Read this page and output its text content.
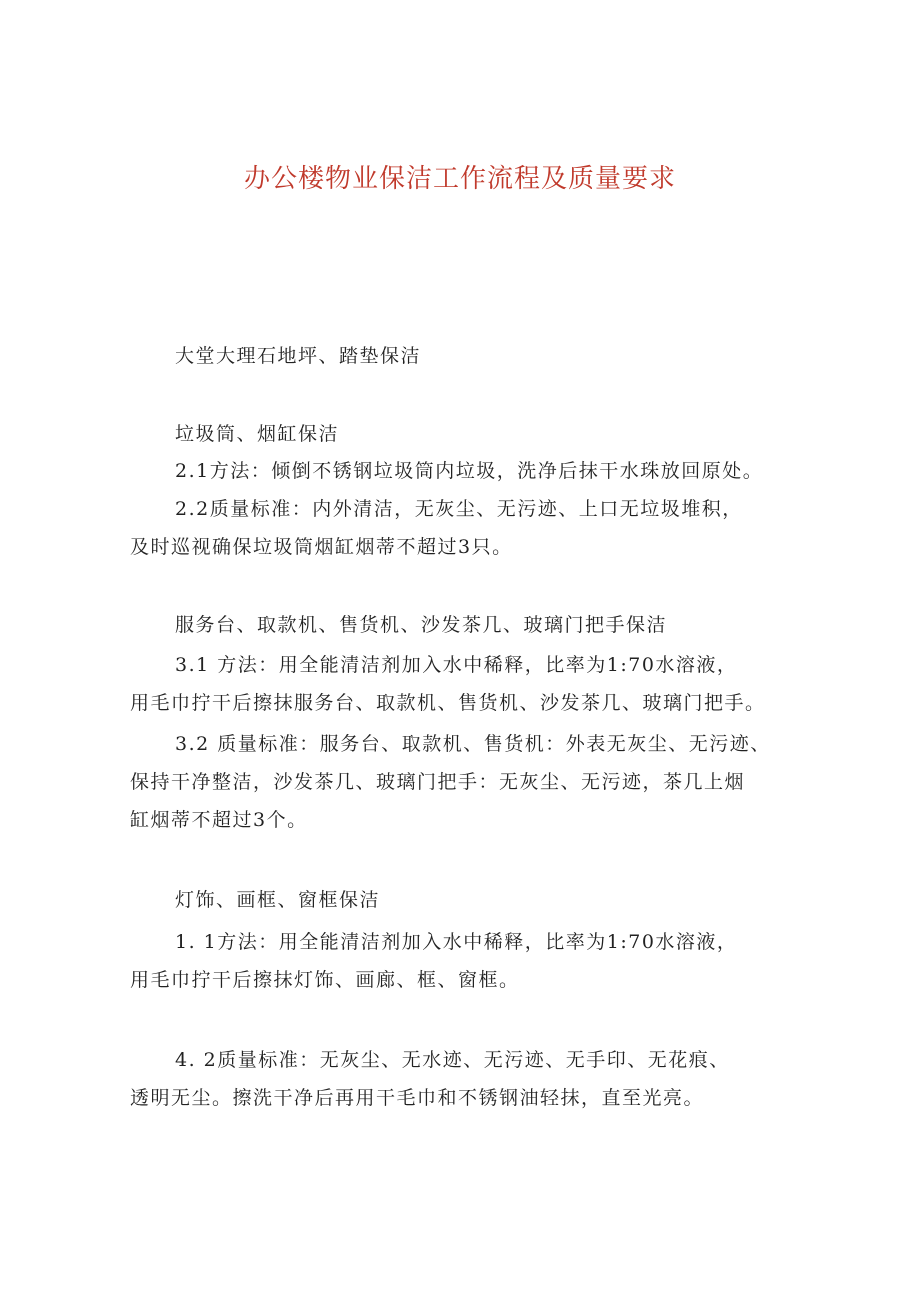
办公楼物业保洁工作流程及质量要求
大堂大理石地坪、踏垫保洁
垃圾筒、烟缸保洁
2.1方法：倾倒不锈钢垃圾筒内垃圾，洗净后抹干水珠放回原处。
2.2质量标准：内外清洁，无灰尘、无污迹、上口无垃圾堆积，
及时巡视确保垃圾筒烟缸烟蒂不超过3只。
服务台、取款机、售货机、沙发茶几、玻璃门把手保洁
3.1 方法：用全能清洁剂加入水中稀释，比率为1:70水溶液，
用毛巾拧干后擦抹服务台、取款机、售货机、沙发茶几、玻璃门把手。
3.2 质量标准：服务台、取款机、售货机：外表无灰尘、无污迹、
保持干净整洁，沙发茶几、玻璃门把手：无灰尘、无污迹，茶几上烟
缸烟蒂不超过3个。
灯饰、画框、窗框保洁
1. 1方法：用全能清洁剂加入水中稀释，比率为1:70水溶液，
用毛巾拧干后擦抹灯饰、画廊、框、窗框。
4. 2质量标准：无灰尘、无水迹、无污迹、无手印、无花痕、
透明无尘。擦洗干净后再用干毛巾和不锈钢油轻抹，直至光亮。
